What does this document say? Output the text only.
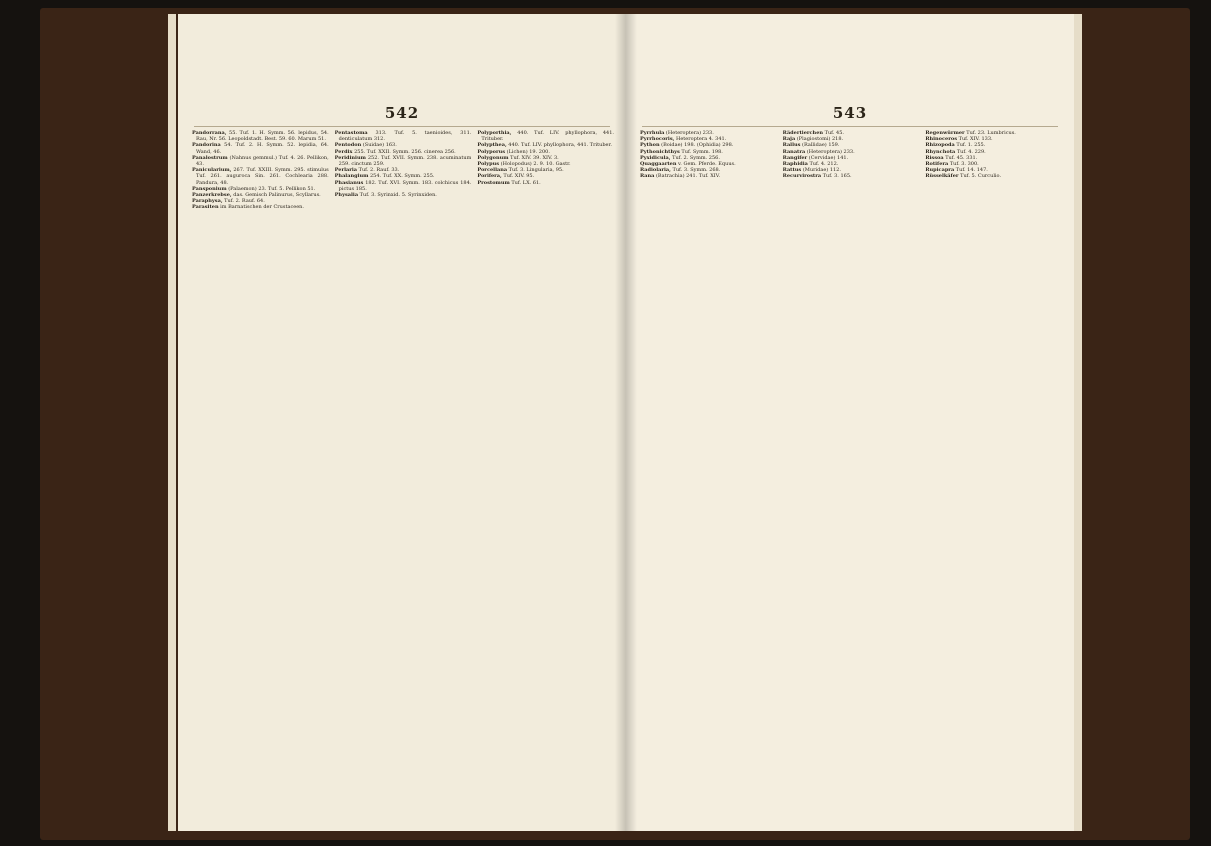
542

Pandorrana, 55. Tuf. 1. H. Symm. 56. lepidus, 54. Rau, Nr. 56. Leopoldstadt. Best. 59. 60. Marum 51.

Pandorina 54. Tuf. 2. H. Symm. 52. lepidia, 64. Wand, 46.

Panalostrum (Nahnus gemmul.) Tuf. 4. 26. Pellikon, 43.

Panicularium, 267. Tuf. XXIII. Symm. 295. stimulus Tuf. 261. auguroca Sin. 261. Cochlearia 288. Pandura, 48.

Pansponium (Palaemon) 23. Tuf. 5. Pellikon 51.

Panzerkrebse, das. Gemisch Palinurus, Scyllarus.

Paraphysa, Tuf. 2. Rauf. 64.

Parasiten im Barnatischen der Crustaceen.

Pentastoma 313. Tuf. 5. taenioides, 311. denticulatum 312.

Pentodon (Suidae) 163.

Perdix 255. Tuf. XXII. Symm. 256. cinerea 256.

Peridinium 252. Tuf. XVII. Symm. 238. acuminatum 259. cinctum 259.

Perlaria Tuf. 2. Rauf. 33.

Phalangium 254. Tuf. XX. Symm. 255.

Phasianus 182. Tuf. XVI. Symm. 183. colchicus 184. pictus 185.

Physalia Tuf. 3. Syrinxid. 5. Syrinxiden.

Polyporthia, 440. Tuf. LIV. phyllophora, 441. Trituber.

Polypthea, 440. Tuf. LIV. phyllophora, 441. Trituber.

Polyporus (Lichen) 19. 200.

Polygonum Tuf. XIV. 39. XIV. 3.

Polypus (Holopodus) 2. 9. 10. Gastr.

Porcellana Tuf. 3. Lingularia, 95.

Porifera, Tuf. XIV. 95.

Prostomum Tuf. LX. 61.

543

Pyrrhula (Heteroptera) 233.

Pyrrhocoris, Heteroptera 4. 341.

Python (Boidae) 198. (Ophidia) 298.

Pythonichthys Tuf. Symm. 198.

Pyxidicula, Tuf. 2. Symm. 256.

Quaggaarten v. Gem. Pferde. Equus.

Radiolaria, Tuf. 3. Symm. 268.

Rana (Batrachia) 241. Tuf. XIV.

Rädertierchen Tuf. 45.

Raja (Plagiostomi) 218.

Rallus (Rallidae) 159.

Ranatra (Heteroptera) 233.

Rangifer (Cervidae) 141.

Raphidia Tuf. 4. 212.

Rattus (Muridae) 112.

Recurvirostra Tuf. 3. 165.

Regenwürmer Tuf. 23. Lumbricus.

Rhinoceros Tuf. XIV. 133.

Rhizopoda Tuf. 1. 255.

Rhynchota Tuf. 4. 229.

Rissoa Tuf. 45. 331.

Rotifera Tuf. 3. 300.

Rupicapra Tuf. 14. 147.

Rüsselkäfer Tuf. 5. Curculio.
